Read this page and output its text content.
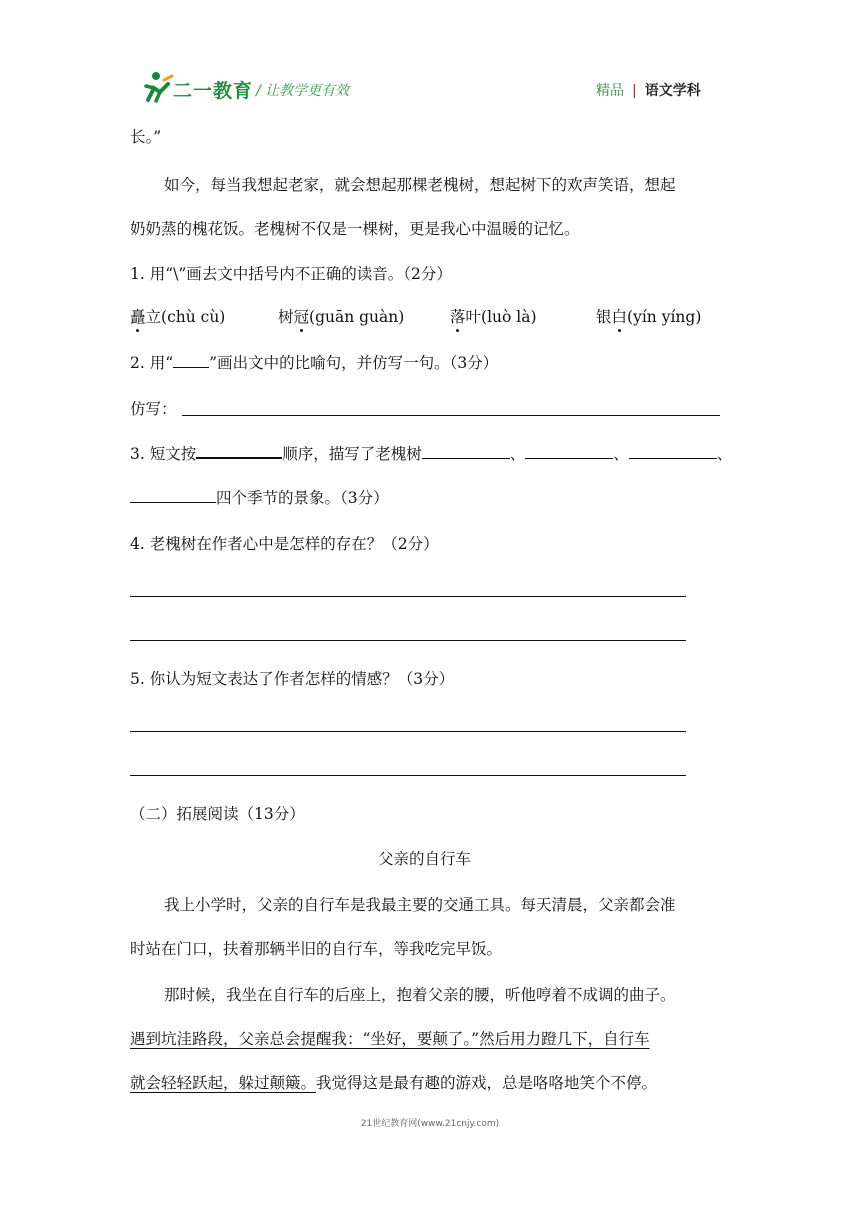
二一教育 / 让教学更有效	精品 | 语文学科
长。”
如今，每当我想起老家，就会想起那棵老槐树，想起树下的欢声笑语，想起
奶奶蒸的槐花饭。老槐树不仅是一棵树，更是我心中温暖的记忆。
1. 用“\”画去文中括号内不正确的读音。（2分）
矗立(chù cù)	树冠(guān guàn)	落叶(luò là)	银白(yín yíng)
2. 用“ ”画出文中的比喻句，并仿写一句。（3分）
仿写：
3. 短文按	顺序，描写了老槐树	、	、	、
四个季节的景象。（3分）
4. 老槐树在作者心中是怎样的存在？（2分）
5. 你认为短文表达了作者怎样的情感？（3分）
（二）拓展阅读（13分）
父亲的自行车
我上小学时，父亲的自行车是我最主要的交通工具。每天清晨，父亲都会准
时站在门口，扶着那辆半旧的自行车，等我吃完早饭。
那时候，我坐在自行车的后座上，抱着父亲的腰，听他哼着不成调的曲子。
遇到坑洼路段，父亲总会提醒我：“坐好，要颠了。”然后用力蹬几下，自行车
就会轻轻跃起，躲过颠簸。我觉得这是最有趣的游戏，总是咯咯地笑个不停。
21世纪教育网(www.21cnjy.com)
